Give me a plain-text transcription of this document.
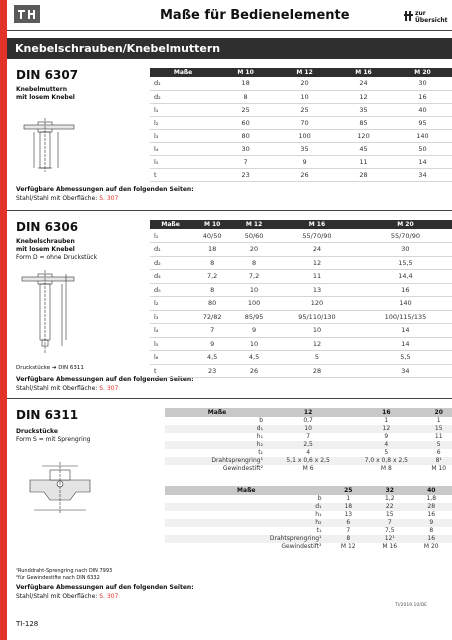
Maße für Bedienelemente	zur Übersicht
Knebelschrauben/Knebelmuttern
DIN 6307
Knebelmuttern
mit losem Knebel
Verfügbare Abmessungen auf den folgenden Seiten:
Stahl/Stahl mit Oberfläche: S. 307
Maße	M 10	M 12	M 16	M 20
d₁	18	20	24	30
d₂	8	10	12	16
l₁	25	25	35	40
l₂	60	70	85	95
l₃	80	100	120	140
l₄	30	35	45	50
l₅	7	9	11	14
t	23	26	28	34
DIN 6306
Knebelschrauben
mit losem Knebel
Form D = ohne Druckstück
Druckstücke ➔ DIN 6311
Verfügbare Abmessungen auf den folgenden Seiten:
Stahl/Stahl mit Oberfläche: S. 307
Maße	M 10	M 12	M 16	M 20
l₁	40/50	50/60	55/70/90	55/70/90
d₁	18	20	24	30
d₂	8	8	12	15,5
d₄	7,2	7,2	11	14,4
d₅	8	10	13	16
l₂	80	100	120	140
l₃	72/82	85/95	95/110/130	100/115/135
l₄	7	9	10	14
l₅	9	10	12	14
l₆	4,5	4,5	5	5,5
t	23	26	28	34
DIN 6311
Druckstücke
Form S = mit Sprengring
¹Runddraht-Sprengring nach DIN 7993
²für Gewindestifte nach DIN 6332
Verfügbare Abmessungen auf den folgenden Seiten:
Stahl/Stahl mit Oberfläche: S. 307
Maße	12	16	20
b	0,7	1	1
d₁	10	12	15
h₁	7	9	11
h₂	2,5	4	5
t₁	4	5	6
Drahtsprengring¹	5,1 x 0,6 x 2,5	7,0 x 0,8 x 2,5	8¹
Gewindestift²	M 6	M 8	M 10
Maße	25	32	40
b	1	1,2	1,8
d₁	18	22	28
h₁	13	15	16
h₂	6	7	9
t₁	7	7,5	8
Drahtsprengring¹	8	12¹	16
Gewindestift²	M 12	M 16	M 20
TI/2019.10/DE
TI-128
